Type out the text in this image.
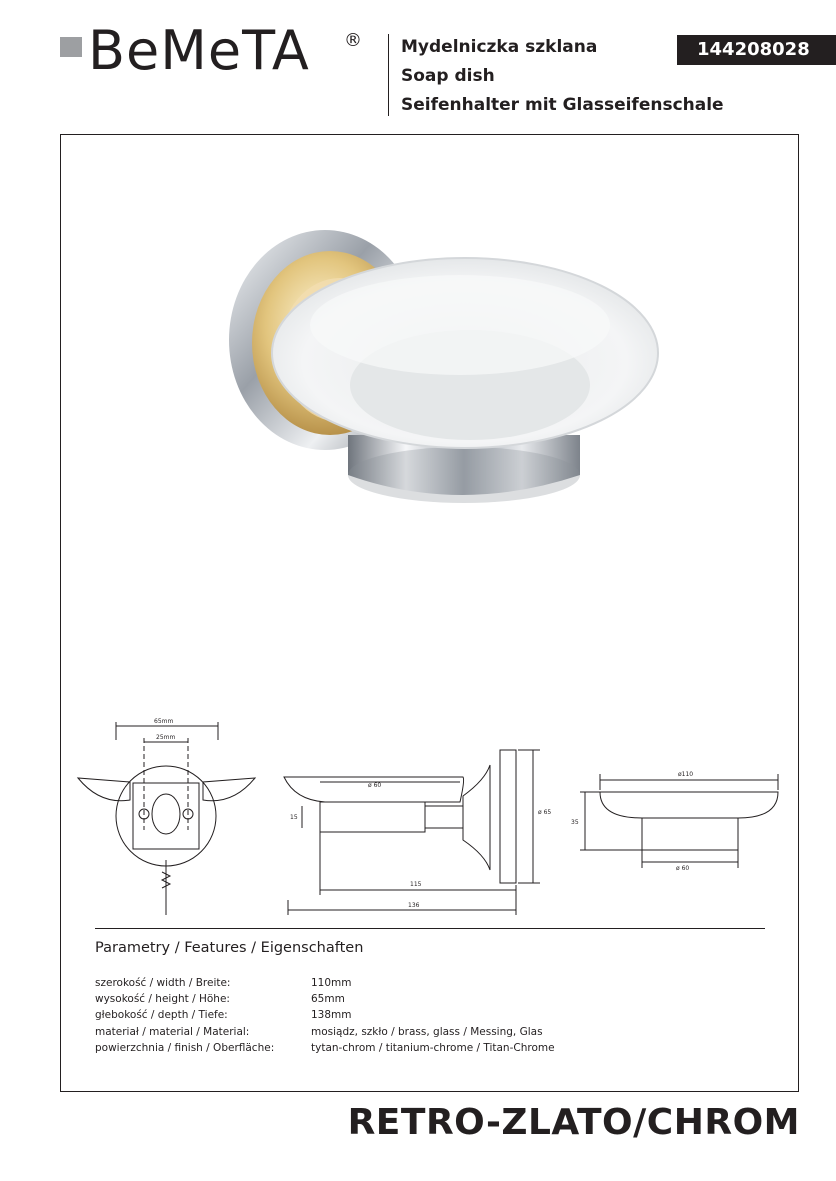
BeMeTA ® Mydelniczka szklana
Soap dish
Seifenhalter mit Glasseifenschale
144208028
65mm
25mm
ø 60
15
ø 65
115
136
ø110
35
ø 60
Parametry / Features / Eigenschaften
szerokość / width / Breite:	110mm
wysokość / height / Höhe:	65mm
głebokość / depth / Tiefe:	138mm
materiał / material / Material:	mosiądz, szkło / brass, glass / Messing, Glas
powierzchnia / finish / Oberfläche:	tytan-chrom / titanium-chrome / Titan-Chrome
RETRO-ZLATO/CHROM
